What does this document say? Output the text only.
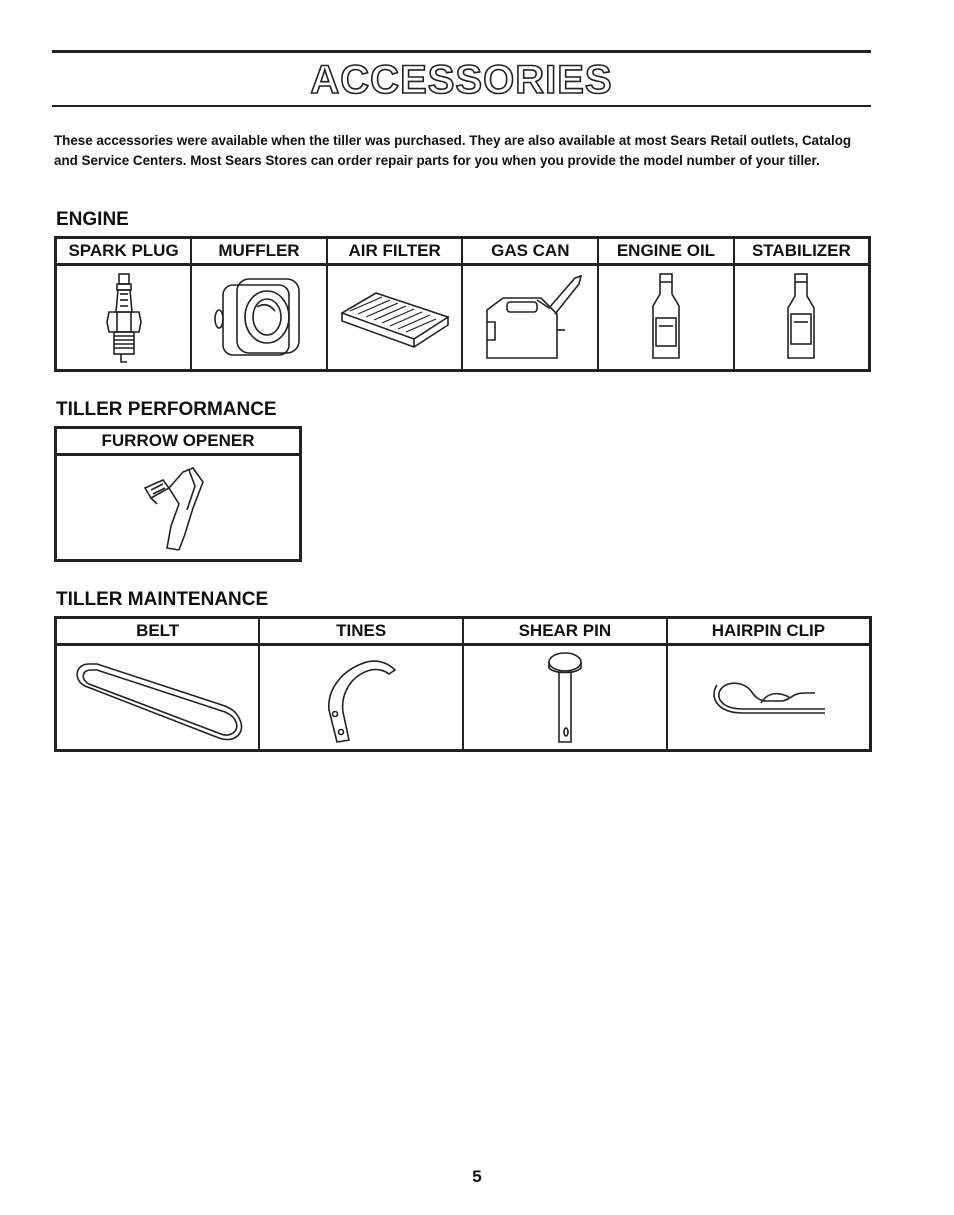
ACCESSORIES

These accessories were available when the tiller was purchased. They are also available at most Sears Retail outlets, Catalog and Service Centers. Most Sears Stores can order repair parts for you when you provide the model number of your tiller.

ENGINE
SPARK PLUG	MUFFLER	AIR FILTER	GAS CAN	ENGINE OIL	STABILIZER

TILLER PERFORMANCE
FURROW OPENER

TILLER MAINTENANCE
BELT	TINES	SHEAR PIN	HAIRPIN CLIP

5
